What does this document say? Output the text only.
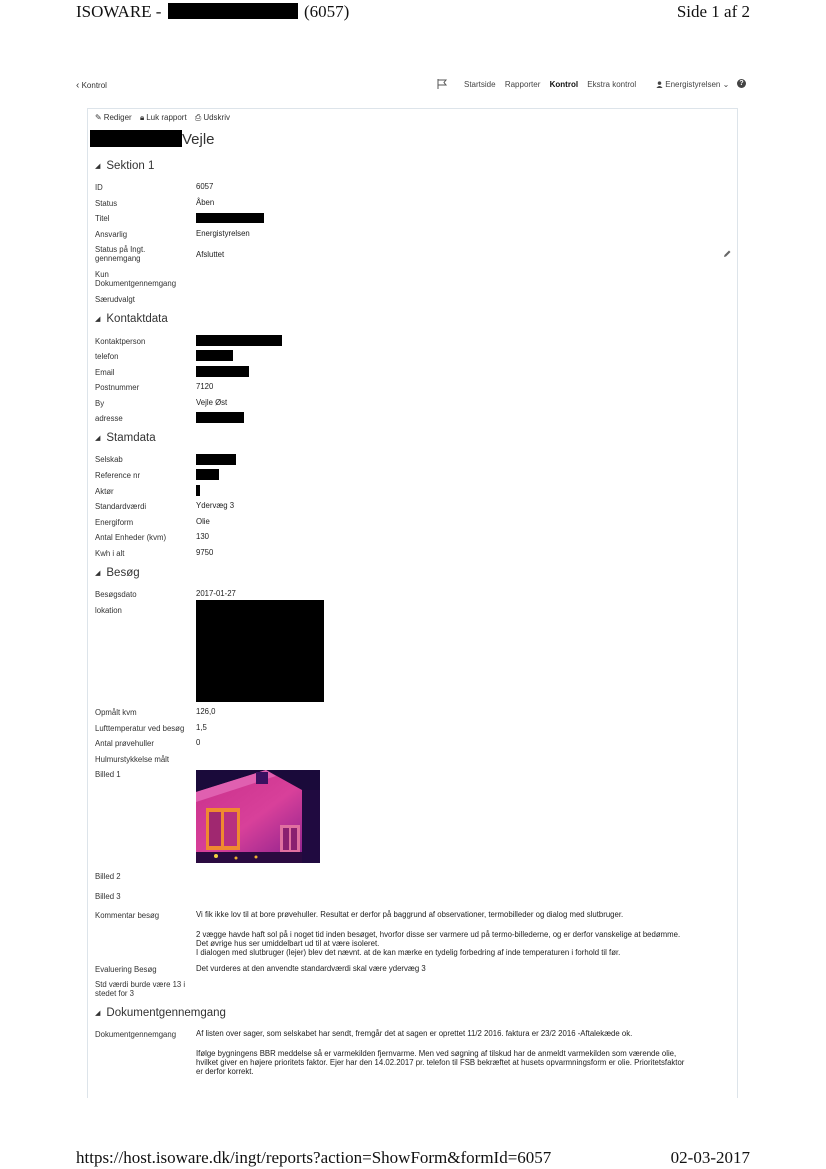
ISOWARE -	(6057)	Side 1 af 2
‹ Kontrol	Startside Rapporter Kontrol Ekstra kontrol	Energistyrelsen ⌄	?
✎ Rediger 🔒︎ Luk rapport ⎙ Udskriv
Vejle
◢ Sektion 1
ID	6057
Status	Åben
Titel
Ansvarlig	Energistyrelsen
Status på Ingt. gennemgang	Afsluttet
Kun Dokumentgennemgang
Særudvalgt
◢ Kontaktdata
Kontaktperson
telefon
Email
Postnummer	7120
By	Vejle Øst
adresse
◢ Stamdata
Selskab
Reference nr
Aktør
Standardværdi	Ydervæg 3
Energiform	Olie
Antal Enheder (kvm)	130
Kwh i alt	9750
◢ Besøg
Besøgsdato	2017-01-27
lokation
Opmålt kvm	126,0
Lufttemperatur ved besøg	1,5
Antal prøvehuller	0
Hulmurstykkelse målt
Billed 1
Billed 2
Billed 3
Kommentar besøg	Vi fik ikke lov til at bore prøvehuller. Resultat er derfor på baggrund af observationer, termobilleder og dialog med slutbruger.
2 vægge havde haft sol på i noget tid inden besøget, hvorfor disse ser varmere ud på termo-billederne, og er derfor vanskelige at bedømme.
Det øvrige hus ser umiddelbart ud til at være isoleret.
I dialogen med slutbruger (lejer) blev det nævnt. at de kan mærke en tydelig forbedring af inde temperaturen i forhold til før.
Evaluering Besøg	Det vurderes at den anvendte standardværdi skal være ydervæg 3
Std værdi burde være 13 i stedet for 3
◢ Dokumentgennemgang
Dokumentgennemgang	Af listen over sager, som selskabet har sendt, fremgår det at sagen er oprettet 11/2 2016. faktura er 23/2 2016 -Aftalekæde ok.
Ifølge bygningens BBR meddelse så er varmekilden fjernvarme. Men ved søgning af tilskud har de anmeldt varmekilden som værende olie,
hvilket giver en højere prioritets faktor. Ejer har den 14.02.2017 pr. telefon til FSB bekræftet at husets opvarmningsform er olie. Prioritetsfaktor
er derfor korrekt.
https://host.isoware.dk/ingt/reports?action=ShowForm&formId=6057	02-03-2017
